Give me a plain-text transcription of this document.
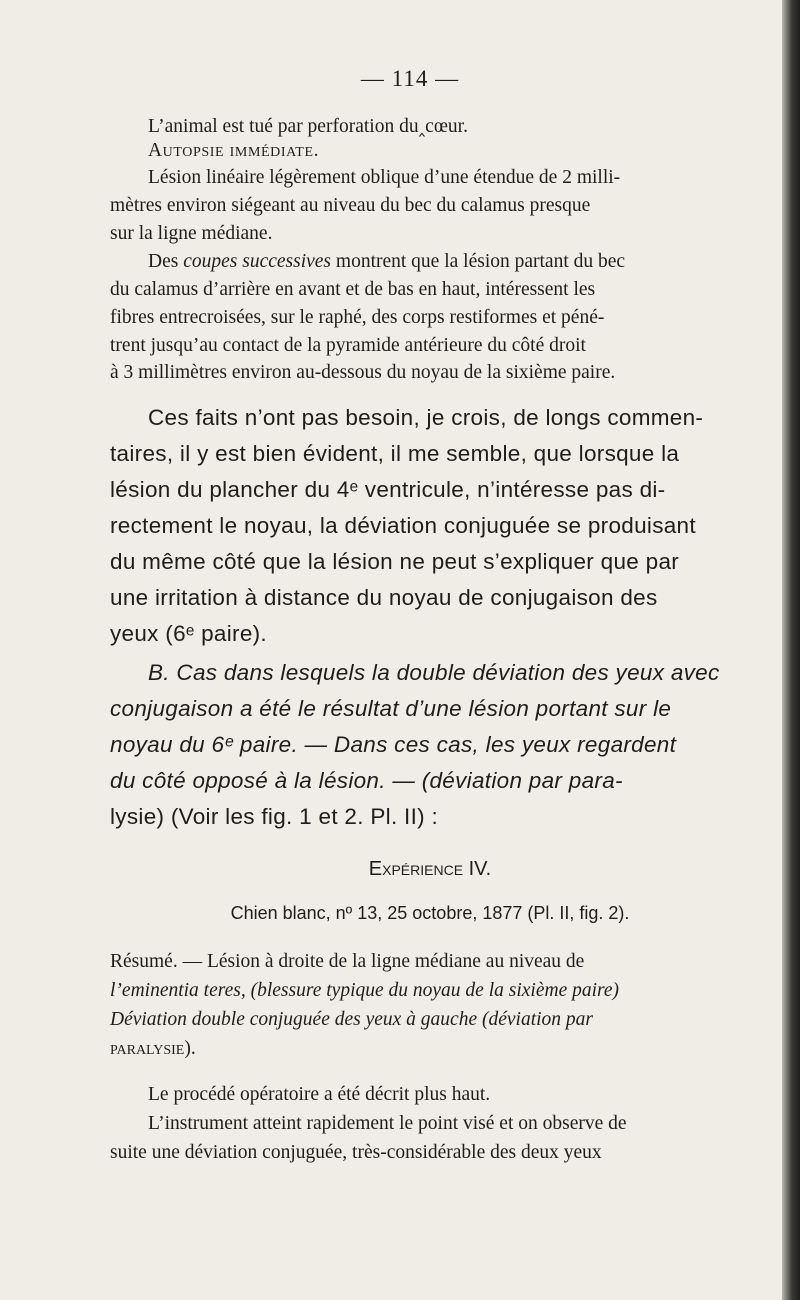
— 114 —
L’animal est tué par perforation du‸cœur.
Autopsie immédiate.
Lésion linéaire légèrement oblique d’une étendue de 2 milli-
mètres environ siégeant au niveau du bec du calamus presque
sur la ligne médiane.
Des coupes successives montrent que la lésion partant du bec
du calamus d’arrière en avant et de bas en haut, intéressent les
fibres entrecroisées, sur le raphé, des corps restiformes et péné-
trent jusqu’au contact de la pyramide antérieure du côté droit
à 3 millimètres environ au-dessous du noyau de la sixième paire.
Ces faits n’ont pas besoin, je crois, de longs commen-
taires, il y est bien évident, il me semble, que lorsque la
lésion du plancher du 4ᵉ ventricule, n’intéresse pas di-
rectement le noyau, la déviation conjuguée se produisant
du même côté que la lésion ne peut s’expliquer que par
une irritation à distance du noyau de conjugaison des
yeux (6ᵉ paire).
B. Cas dans lesquels la double déviation des yeux avec
conjugaison a été le résultat d’une lésion portant sur le
noyau du 6ᵉ paire. — Dans ces cas, les yeux regardent
du côté opposé à la lésion. — (déviation par para-
lysie) (Voir les fig. 1 et 2. Pl. II) :
Expérience IV.
Chien blanc, nº 13, 25 octobre, 1877 (Pl. II, fig. 2).
Résumé. — Lésion à droite de la ligne médiane au niveau de
l’eminentia teres, (blessure typique du noyau de la sixième paire)
Déviation double conjuguée des yeux à gauche (déviation par
paralysie).
Le procédé opératoire a été décrit plus haut.
L’instrument atteint rapidement le point visé et on observe de
suite une déviation conjuguée, très-considérable des deux yeux
